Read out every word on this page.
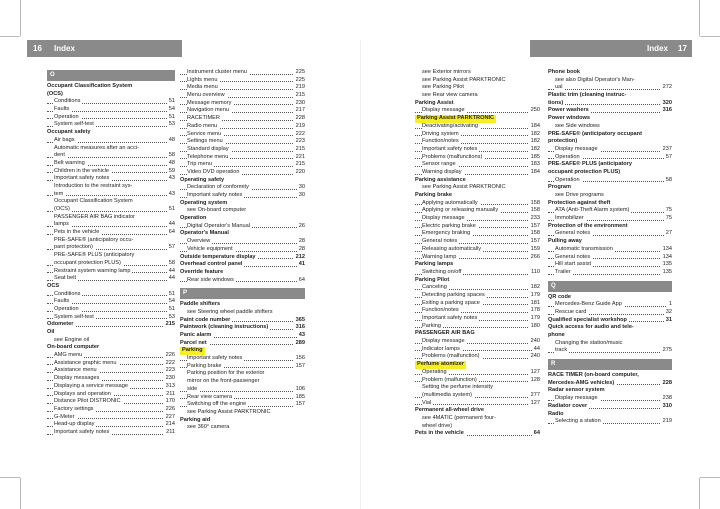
16 Index	Index 17
O
Occupant Classification System
(OCS)
Conditions	51
Faults	54
Operation	51
System self-test	53
Occupant safety
Air bags	48
Automatic measures after an acci-
dent	58
Belt warning	48
Children in the vehicle	59
Important safety notes	43
Introduction to the restraint sys-
tem	43
Occupant Classification System
(OCS)	51
PASSENGER AIR BAG indicator
lamps	44
Pets in the vehicle	64
PRE-SAFE® (anticipatory occu-
pant protection)	57
PRE-SAFE® PLUS (anticipatory
occupant protection PLUS)	58
Restraint system warning lamp	44
Seat belt	44
OCS
Conditions	51
Faults	54
Operation	51
System self-test	53
Odometer	215
Oil
see Engine oil
On-board computer
AMG menu	226
Assistance graphic menu	222
Assistance menu	223
Display messages	230
Displaying a service message	313
Displays and operation	211
Distance Pilot DISTRONIC	170
Factory settings	226
G-Meter	227
Head-up display	214
Important safety notes	211
Instrument cluster menu	225
Lights menu	225
Media menu	219
Menu overview	215
Message memory	230
Navigation menu	217
RACETIMER	228
Radio menu	219
Service menu	222
Settings menu	223
Standard display	215
Telephone menu	221
Trip menu	215
Video DVD operation	220
Operating safety
Declaration of conformity	30
Important safety notes	30
Operating system
see On-board computer
Operation
Digital Operator's Manual	26
Operator's Manual
Overview	28
Vehicle equipment	28
Outside temperature display	212
Overhead control panel	41
Override feature
Rear side windows	64
P
Paddle shifters
see Steering wheel paddle shifters
Paint code number	365
Paintwork (cleaning instructions)	316
Panic alarm	43
Parcel net	289
Parking
Important safety notes	156
Parking brake	157
Parking position for the exterior
mirror on the front-passenger
side	106
Rear view camera	185
Switching off the engine	157
see Parking Assist PARKTRONIC
Parking aid
see 360° camera
see Exterior mirrors
see Parking Assist PARKTRONIC
see Parking Pilot
see Rear view camera
Parking Assist
Display message	250
Parking Assist PARKTRONIC
Deactivating/activating	184
Driving system	182
Function/notes	182
Important safety notes	182
Problems (malfunctions)	185
Sensor range	183
Warning display	184
Parking assistance
see Parking Assist PARKTRONIC
Parking brake
Applying automatically	158
Applying or releasing manually	158
Display message	233
Electric parking brake	157
Emergency braking	158
General notes	157
Releasing automatically	159
Warning lamp	266
Parking lamps
Switching on/off	110
Parking Pilot
Canceling	182
Detecting parking spaces	179
Exiting a parking space	181
Function/notes	178
Important safety notes	179
Parking	180
PASSENGER AIR BAG
Display message	240
Indicator lamps	44
Problems (malfunction)	240
Perfume atomizer
Operating	127
Problem (malfunction)	128
Setting the perfume intensity
(multimedia system)	277
Vial	127
Permanent all-wheel drive
see 4MATIC (permanent four-
wheel drive)
Pets in the vehicle	64
Phone book
see also Digital Operator's Man-
ual	272
Plastic trim (cleaning instruc-
tions)	320
Power washers	316
Power windows
see Side windows
PRE-SAFE® (anticipatory occupant
protection)
Display message	237
Operation	57
PRE-SAFE® PLUS (anticipatory
occupant protection PLUS)
Operation	58
Program
see Drive programs
Protection against theft
ATA (Anti-Theft Alarm system)	75
Immobilizer	75
Protection of the environment
General notes	27
Pulling away
Automatic transmission	134
General notes	134
Hill start assist	135
Trailer	135
Q
QR code
Mercedes-Benz Guide App	1
Rescue card	32
Qualified specialist workshop	31
Quick access for audio and tele-
phone
Changing the station/music
track	275
R
RACE TIMER (on-board computer,
Mercedes-AMG vehicles)	228
Radar sensor system
Display message	238
Radiator cover	310
Radio
Selecting a station	219
